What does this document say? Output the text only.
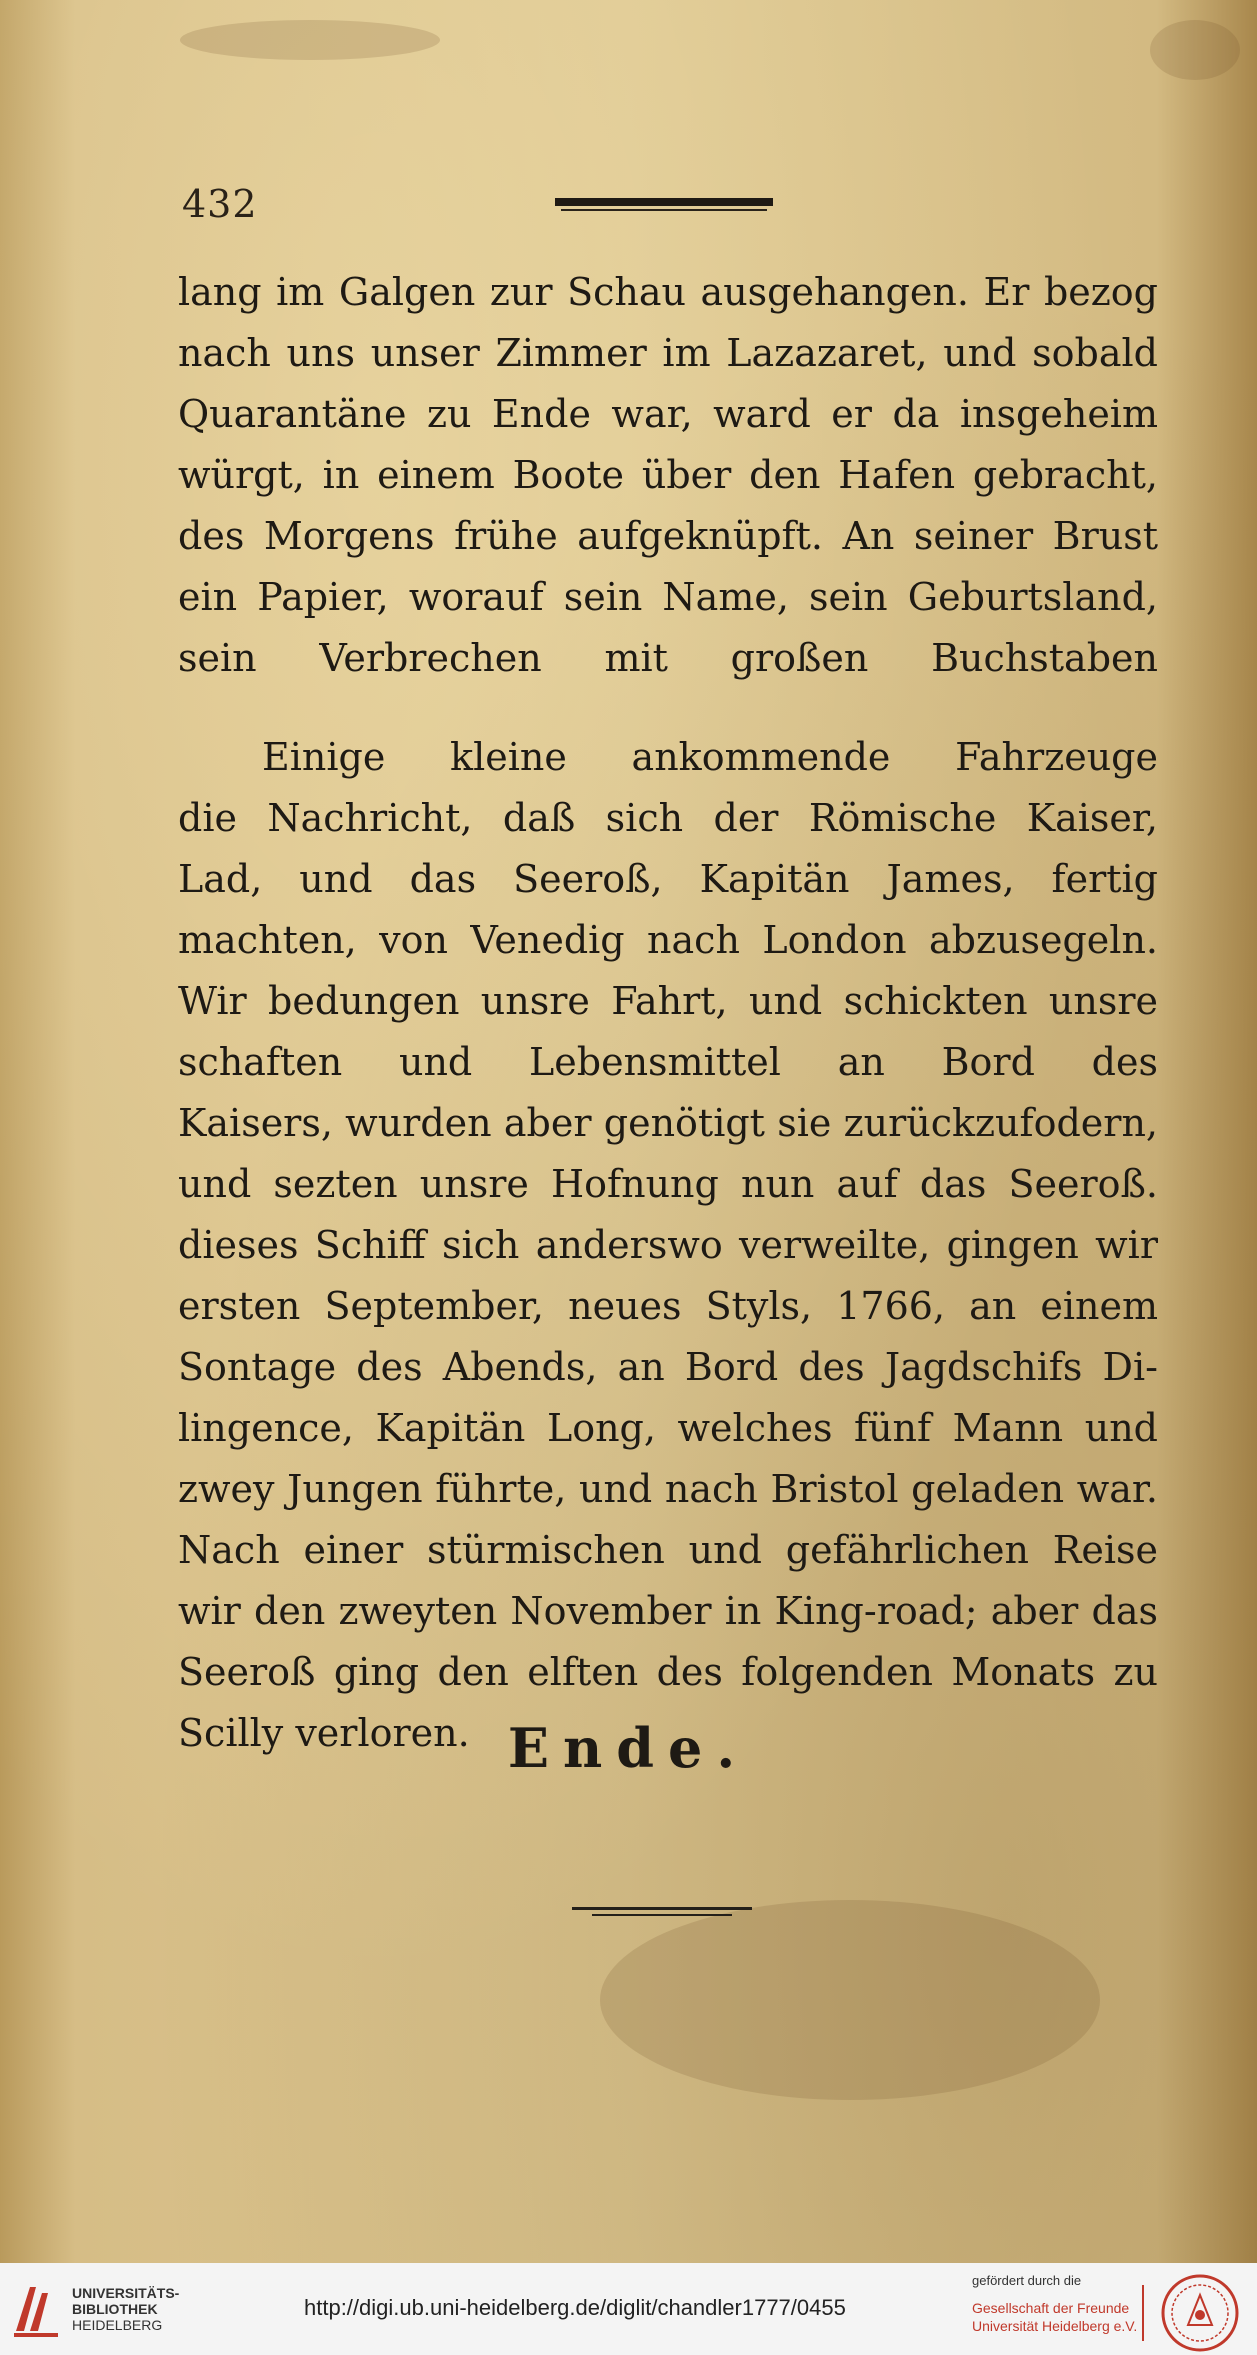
432
lang im Galgen zur Schau ausgehangen. Er bezog
nach uns unser Zimmer im Lazazaret, und sobald
Quarantäne zu Ende war, ward er da insgeheim
würgt, in einem Boote über den Hafen gebracht,
des Morgens frühe aufgeknüpft. An seiner Brust
ein Papier, worauf sein Name, sein Geburtsland,
sein Verbrechen mit großen Buchstaben
Einige kleine ankommende Fahrzeuge
die Nachricht, daß sich der Römische Kaiser,
Lad, und das Seeroß, Kapitän James, fertig
machten, von Venedig nach London abzusegeln.
Wir bedungen unsre Fahrt, und schickten unsre
schaften und Lebensmittel an Bord des
Kaisers, wurden aber genötigt sie zurückzufodern,
und sezten unsre Hofnung nun auf das Seeroß.
dieses Schiff sich anderswo verweilte, gingen wir
ersten September, neues Styls, 1766, an einem
Sontage des Abends, an Bord des Jagdschifs Di-
lingence, Kapitän Long, welches fünf Mann und
zwey Jungen führte, und nach Bristol geladen war.
Nach einer stürmischen und gefährlichen Reise
wir den zweyten November in King-road; aber das
Seeroß ging den elften des folgenden Monats zu
Scilly verloren. Ende.
UNIVERSITÄTS-
BIBLIOTHEK
HEIDELBERG
http://digi.ub.uni-heidelberg.de/diglit/chandler1777/0455
gefördert durch die
Gesellschaft der Freunde
Universität Heidelberg e.V.
